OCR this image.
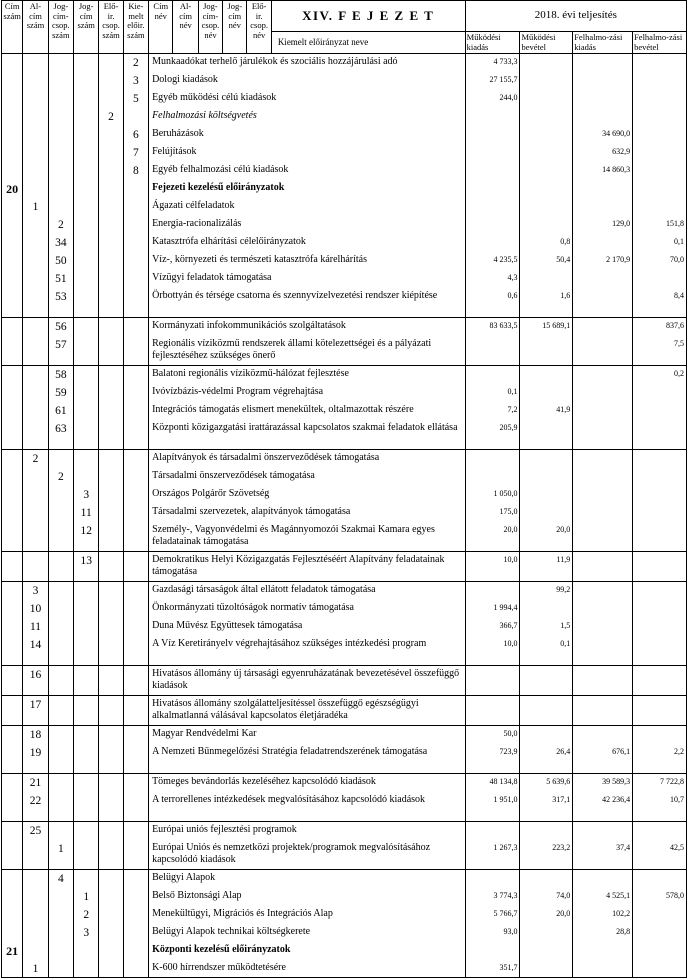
Cím szám	Al-cím szám	Jog-cím-csop. szám	Jog-cím szám	Elő-ir. csop. szám	Kie-melt előir. szám	Cím név	Al-cím név	Jog-cím-csop. név	Jog-cím név	Elő-ir. csop. név	XIV. F E J E Z E T	2018. évi teljesítés			
											Kiemelt előirányzat neve	Működési kiadás	Működési bevétel	Felhalmo-zási kiadás	Felhalmo-zási bevétel
					2	Munkaadókat terhelő járulékok és szociális hozzájárulási adó						4 733,3			
					3	Dologi kiadások						27 155,7			
					5	Egyéb működési célú kiadások						244,0			
				2		Felhalmozási költségvetés									
					6	Beruházások								34 690,0	
					7	Felújítások								632,9	
					8	Egyéb felhalmozási célú kiadások								14 860,3	
20						Fejezeti kezelésű előirányzatok									
	1					Ágazati célfeladatok									
		2				Energia-racionalizálás								129,0	151,8
		34				Katasztrófa elhárítási célelőirányzatok							0,8		0,1
		50				Víz-, környezeti és természeti katasztrófa kárelhárítás						4 235,5	50,4	2 170,9	70,0
		51				Vízügyi feladatok támogatása						4,3			
		53				Örbottyán és térsége csatorna és szennyvízelvezetési rendszer kiépítése						0,6	1,6		8,4
		56				Kormányzati infokommunikációs szolgáltatások						83 633,5	15 689,1		837,6
		57				Regionális víziközmű rendszerek állami kötelezettségei és a pályázati fejlesztéséhez szükséges önerő									7,5
		58				Balatoni regionális víziközmű-hálózat fejlesztése									0,2
		59				Ivóvízbázis-védelmi Program végrehajtása						0,1			
		61				Integrációs támogatás elismert menekültek, oltalmazottak részére						7,2	41,9		
		63				Központi közigazgatási irattárazással kapcsolatos szakmai feladatok ellátása						205,9			
	2					Alapítványok és társadalmi önszerveződések támogatása									
		2				Társadalmi önszerveződések támogatása									
			3			Országos Polgárőr Szövetség						1 050,0			
			11			Társadalmi szervezetek, alapítványok támogatása						175,0			
			12			Személy-, Vagyonvédelmi és Magánnyomozói Szakmai Kamara egyes feladatainak támogatása						20,0	20,0		
			13			Demokratikus Helyi Közigazgatás Fejlesztéséért Alapítvány feladatainak támogatása						10,0	11,9		
	3					Gazdasági társaságok által ellátott feladatok támogatása							99,2		
	10					Önkormányzati tűzoltóságok normatív támogatása						1 994,4			
	11					Duna Művész Együttesek támogatása						366,7	1,5		
	14					A Víz Keretirányelv végrehajtásához szükséges intézkedési program						10,0	0,1		
	16					Hivatásos állomány új társasági egyenruházatának bevezetésével összefüggő kiadások									
	17					Hivatásos állomány szolgálatteljesítéssel összefüggő egészségügyi alkalmatlanná válásával kapcsolatos életjáradéka									
	18					Magyar Rendvédelmi Kar						50,0			
	19					A Nemzeti Bűnmegelőzési Stratégia feladatrendszerének támogatása						723,9	26,4	676,1	2,2
	21					Tömeges bevándorlás kezeléséhez kapcsolódó kiadások						48 134,8	5 639,6	39 589,3	7 722,8
	22					A terrorellenes intézkedések megvalósításához kapcsolódó kiadások						1 951,0	317,1	42 236,4	10,7
	25					Európai uniós fejlesztési programok									
		1				Európai Uniós és nemzetközi projektek/programok megvalósításához kapcsolódó kiadások						1 267,3	223,2	37,4	42,5
		4				Belügyi Alapok									
			1			Belső Biztonsági Alap						3 774,3	74,0	4 525,1	578,0
			2			Menekültügyi, Migrációs és Integrációs Alap						5 766,7	20,0	102,2	
			3			Belügyi Alapok technikai költségkerete						93,0		28,8	
21						Központi kezelésű előirányzatok									
	1					K-600 hírrendszer működtetésére						351,7			
